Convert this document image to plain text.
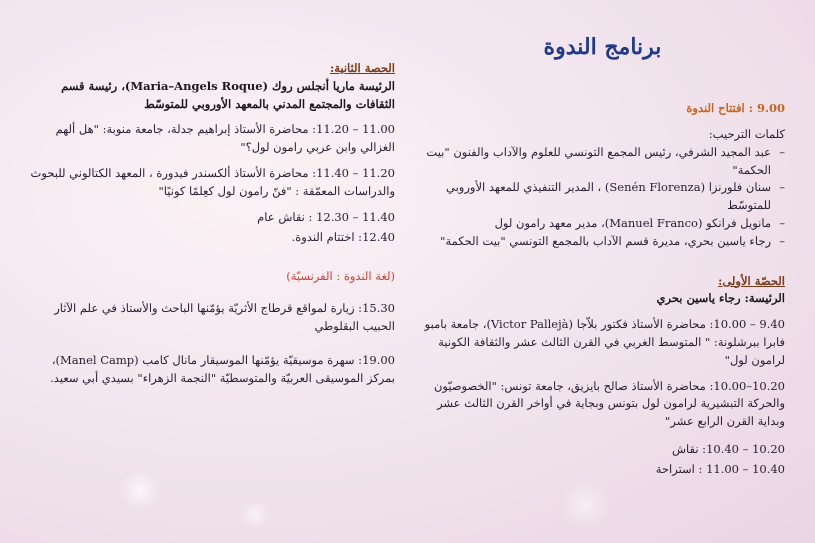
برنامج الندوة

9.00 : افتتاح الندوة

كلمات الترحيب:
– عبد المجيد الشرفي، رئيس المجمع التونسي للعلوم والآداب والفنون "بيت الحكمة"
– سنان فلورنزا (Senén Florenza) ، المدير التنفيذي للمعهد الأوروبي للمتوسّط
– مانويل فرانكو (Manuel Franco)، مدير معهد رامون لول
– رجاء ياسين بحري، مديرة قسم الآداب بالمجمع التونسي "بيت الحكمة"
الحصّة الأولى:

الرئيسة: رجاء ياسين بحري

9.40 – 10.00: محاضرة الأستاذ فكتور بلاّجا (Victor Pallejà)، جامعة بامبو فابرا ببرشلونة: " المتوسط الغربي في القرن الثالث عشر والثقافة الكونية لرامون لول"

10.20–10.00: محاضرة الأستاذ صالح بايزيق، جامعة تونس: "الخصوصيّون والحركة التبشيرية لرامون لول بتونس وبجاية في أواخر القرن الثالث عشر وبداية القرن الرابع عشر"

10.20 – 10.40: نقاش

10.40 – 11.00 : استراحة

الحصة الثانية:

الرئيسة ماريا أنجلس روك (Maria–Angels Roque)، رئيسة قسم الثقافات والمجتمع المدني بالمعهد الأوروبي للمتوسّط

11.00 – 11.20: محاضرة الأستاذ إبراهيم جدلة، جامعة منوبة: "هل ألهم الغزالي وابن عربي رامون لول؟"

11.20 – 11.40: محاضرة الأستاذ ألكسندر فيدورة ، المعهد الكتالوني للبحوث والدراسات المعمّقة : "فنّ رامون لول كعِلمًا كونيًا"

11.40 – 12.30 : نقاش عام

12.40: اختتام الندوة.

(لغة الندوة : الفرنسيّة)

15.30: زيارة لمواقع قرطاج الأثريّة يؤمّنها الباحث والأستاذ في علم الآثار الحبيب البقلوطي

19.00: سهرة موسيقيّة يؤمّنها الموسيقار مانال كامب (Manel Camp)، بمركز الموسيقى العربيّة والمتوسطيّة "النجمة الزهراء" بسيدي أبي سعيد.
